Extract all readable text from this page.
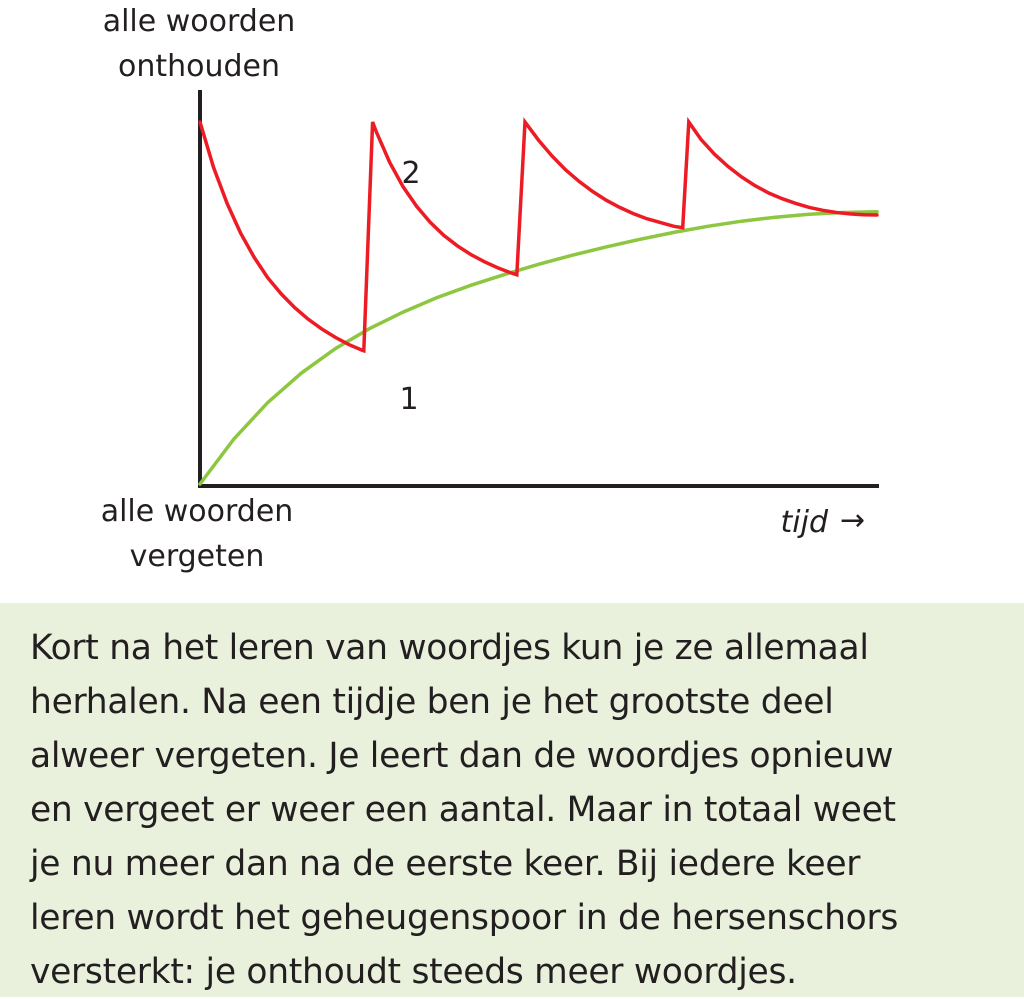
alle woorden onthouden
alle woorden vergeten
tijd →
1
2

Kort na het leren van woordjes kun je ze allemaal
herhalen. Na een tijdje ben je het grootste deel
alweer vergeten. Je leert dan de woordjes opnieuw
en vergeet er weer een aantal. Maar in totaal weet
je nu meer dan na de eerste keer. Bij iedere keer
leren wordt het geheugenspoor in de hersenschors
versterkt: je onthoudt steeds meer woordjes.
